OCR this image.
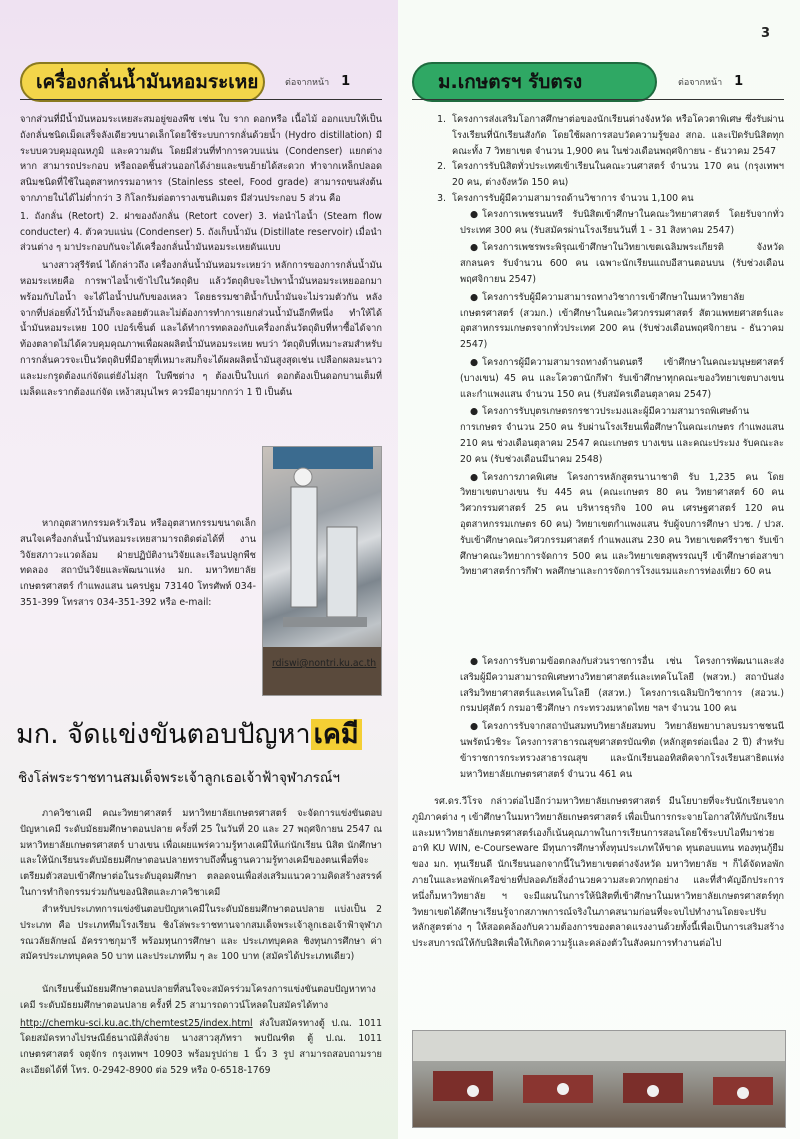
เครื่องกลั่นน้ำมันหอมระเหย	ต่อจากหน้า 1

จากส่วนที่มีน้ำมันหอมระเหยสะสมอยู่ของพืช เช่น ใบ ราก ดอกหรือ เนื้อไม้ ออกแบบให้เป็นถังกลั่นชนิดเม็ดเสร็จลังเดียวขนาดเล็กโดยใช้ระบบการกลั่นด้วยน้ำ (Hydro distillation) มีระบบควบคุมอุณหภูมิ และความดัน โดยมีส่วนที่ทำการควบแน่น (Condenser) แยกต่างหาก สามารถประกอบ หรือถอดชิ้นส่วนออกได้ง่ายและขนย้ายได้สะดวก ทำจากเหล็กปลอดสนิมชนิดที่ใช้ในอุตสาหกรรมอาหาร (Stainless steel, Food grade) สามารถขนส่งต้นจากภายในได้ไม่ต่ำกว่า 3 กิโลกรัมต่อตารางเซนติเมตร มีส่วนประกอบ 5 ส่วน คือ

1. ถังกลั่น (Retort) 2. ฝาของถังกลั่น (Retort cover) 3. ท่อนำไอน้ำ (Steam flow conducter) 4. ตัวควบแน่น (Condenser) 5. ถังเก็บน้ำมัน (Distillate reservoir) เมื่อนำส่วนต่าง ๆ มาประกอบกันจะได้เครื่องกลั่นน้ำมันหอมระเหยดันแบบ

นางสาวสุรีรัตน์ ได้กล่าวถึง เครื่องกลั่นน้ำมันหอมระเหยว่า หลักการของการกลั่นน้ำมันหอมระเหยคือ การพาไอน้ำเข้าไปในวัตถุดิบ แล้ววัตถุดิบจะไปพาน้ำมันหอมระเหยออกมาพร้อมกับไอน้ำ จะได้ไอน้ำปนกับของเหลว โดยธรรมชาติน้ำกับน้ำมันจะไม่รวมตัวกัน หลังจากที่ปล่อยทิ้งไว้น้ำมันก็จะลอยตัวและไม่ต้องการทำการแยกส่วนน้ำมันอีกทีหนึ่ง ทำให้ได้น้ำมันหอมระเหย 100 เปอร์เซ็นต์ และได้ทำการทดลองกับเครื่องกลั่นวัตถุดิบที่หาซื้อได้จากท้องตลาดไม่ได้ควบคุมคุณภาพเพื่อผลผลิตน้ำมันหอมระเหย พบว่า วัตถุดิบที่เหมาะสมสำหรับการกลั่นควรจะเป็นวัตถุดิบที่มีอายุที่เหมาะสมก็จะได้ผลผลิตน้ำมันสูงสุดเช่น เปลือกผลมะนาวและมะกรูดต้องแก่จัดแต่ยังไม่สุก ใบพืชต่าง ๆ ต้องเป็นใบแก่ ดอกต้องเป็นดอกบานเต็มที่ เมล็ดและรากต้องแก่จัด เหง้าสมุนไพร ควรมีอายุมากกว่า 1 ปี เป็นต้น

หากอุตสาหกรรมครัวเรือน หรืออุตสาหกรรมขนาดเล็ก สนใจเครื่องกลั่นน้ำมันหอมระเหยสามารถติดต่อได้ที่ งานวิจัยสภาวะแวดล้อม ฝ่ายปฏิบัติงานวิจัยและเรือนปลูกพืชทดลอง สถาบันวิจัยและพัฒนาแห่ง มก. มหาวิทยาลัยเกษตรศาสตร์ กำแพงแสน นครปฐม 73140 โทรศัพท์ 034-351-399 โทรสาร 034-351-392 หรือ e-mail:

rdiswi@nontri.ku.ac.th
มก. จัดแข่งขันตอบปัญหา เคมี
ชิงโล่พระราชทานสมเด็จพระเจ้าลูกเธอเจ้าฟ้าจุฬาภรณ์ฯ

ภาควิชาเคมี คณะวิทยาศาสตร์ มหาวิทยาลัยเกษตรศาสตร์ จะจัดการแข่งขันตอบปัญหาเคมี ระดับมัธยมศึกษาตอนปลาย ครั้งที่ 25 ในวันที่ 20 และ 27 พฤศจิกายน 2547 ณ มหาวิทยาลัยเกษตรศาสตร์ บางเขน เพื่อเผยแพร่ความรู้ทางเคมีให้แก่นักเรียน นิสิต นักศึกษาและให้นักเรียนระดับมัธยมศึกษาตอนปลายทราบถึงพื้นฐานความรู้ทางเคมีของตนเพื่อที่จะเตรียมตัวสอบเข้าศึกษาต่อในระดับอุดมศึกษา ตลอดจนเพื่อส่งเสริมแนวความคิดสร้างสรรค์ในการทำกิจกรรมร่วมกันของนิสิตและภาควิชาเคมี

สำหรับประเภทการแข่งขันตอบปัญหาเคมีในระดับมัธยมศึกษาตอนปลาย แบ่งเป็น 2 ประเภท คือ ประเภททีมโรงเรียน ชิงโล่พระราชทานจากสมเด็จพระเจ้าลูกเธอเจ้าฟ้าจุฬาภรณวลัยลักษณ์ อัครราชกุมารี พร้อมทุนการศึกษา และ ประเภทบุคคล ชิงทุนการศึกษา ค่าสมัครประเภทบุคคล 50 บาท และประเภททีม ๆ ละ 100 บาท (สมัครได้ประเภทเดียว)

นักเรียนชั้นมัธยมศึกษาตอนปลายที่สนใจจะสมัครร่วมโครงการแข่งขันตอบปัญหาทางเคมี ระดับมัธยมศึกษาตอนปลาย ครั้งที่ 25 สามารถดาวน์โหลดใบสมัครได้ทาง

http://chemku-sci.ku.ac.th/chemtest25/index.html ส่งใบสมัครทางตู้ ป.ณ. 1011 โดยสมัครทางไปรษณีย์ธนาณัติสั่งจ่าย นางสาวสุภัทรา พบปัณฑิต ตู้ ป.ณ. 1011 เกษตรศาสตร์ จตุจักร กรุงเทพฯ 10903 พร้อมรูปถ่าย 1 นิ้ว 3 รูป สามารถสอบถามรายละเอียดได้ที่ โทร. 0-2942-8900 ต่อ 529 หรือ 0-6518-1769

3
ม.เกษตรฯ รับตรง	ต่อจากหน้า 1
1. โครงการส่งเสริมโอกาสศึกษาต่อของนักเรียนต่างจังหวัด หรือโควตาพิเศษ ซึ่งรับผ่านโรงเรียนที่นักเรียนสังกัด โดยใช้ผลการสอบวัดความรู้ของ สกอ. และเปิดรับนิสิตทุกคณะทั้ง 7 วิทยาเขต จำนวน 1,900 คน ในช่วงเดือนพฤศจิกายน - ธันวาคม 2547
2. โครงการรับนิสิตทั่วประเทศเข้าเรียนในคณะวนศาสตร์ จำนวน 170 คน (กรุงเทพฯ 20 คน, ต่างจังหวัด 150 คน)
3. โครงการรับผู้มีความสามารถด้านวิชาการ จำนวน 1,100 คน

● โครงการเพชรนนทรี รับนิสิตเข้าศึกษาในคณะวิทยาศาสตร์ โดยรับจากทั่วประเทศ 300 คน (รับสมัครผ่านโรงเรียนวันที่ 1 - 31 สิงหาคม 2547)

● โครงการเพชรพระพิรุณเข้าศึกษาในวิทยาเขตเฉลิมพระเกียรติ จังหวัดสกลนคร รับจำนวน 600 คน เฉพาะนักเรียนแถบอีสานตอนบน (รับช่วงเดือนพฤศจิกายน 2547)

● โครงการรับผู้มีความสามารถทางวิชาการเข้าศึกษาในมหาวิทยาลัยเกษตรศาสตร์ (สวมก.) เข้าศึกษาในคณะวิศวกรรมศาสตร์ สัตวแพทยศาสตร์และอุตสาหกรรมเกษตรจากทั่วประเทศ 200 คน (รับช่วงเดือนพฤศจิกายน - ธันวาคม 2547)

● โครงการผู้มีความสามารถทางด้านดนตรี เข้าศึกษาในคณะมนุษยศาสตร์ (บางเขน) 45 คน และโควตานักกีฬา รับเข้าศึกษาทุกคณะของวิทยาเขตบางเขนและกำแพงแสน จำนวน 150 คน (รับสมัครเดือนตุลาคม 2547)

● โครงการรับบุตรเกษตรกรชาวประมงและผู้มีความสามารถพิเศษด้านการเกษตร จำนวน 250 คน รับผ่านโรงเรียนเพื่อศึกษาในคณะเกษตร กำแพงแสน 210 คน ช่วงเดือนตุลาคม 2547 คณะเกษตร บางเขน และคณะประมง รับคณะละ 20 คน (รับช่วงเดือนมีนาคม 2548)

● โครงการภาคพิเศษ โครงการหลักสูตรนานาชาติ รับ 1,235 คน โดยวิทยาเขตบางเขน รับ 445 คน (คณะเกษตร 80 คน วิทยาศาสตร์ 60 คน วิศวกรรมศาสตร์ 25 คน บริหารธุรกิจ 100 คน เศรษฐศาสตร์ 120 คน อุตสาหกรรมเกษตร 60 คน) วิทยาเขตกำแพงแสน รับผู้จบการศึกษา ปวช. / ปวส. รับเข้าศึกษาคณะวิศวกรรมศาสตร์ กำแพงแสน 230 คน วิทยาเขตศรีราชา รับเข้าศึกษาคณะวิทยาการจัดการ 500 คน และวิทยาเขตสุพรรณบุรี เข้าศึกษาต่อสาขาวิทยาศาสตร์การกีฬา พลศึกษาและการจัดการโรงแรมและการท่องเที่ยว 60 คน

● โครงการรับตามข้อตกลงกับส่วนราชการอื่น เช่น โครงการพัฒนาและส่งเสริมผู้มีความสามารถพิเศษทางวิทยาศาสตร์และเทคโนโลยี (พสวท.) สถาบันส่งเสริมวิทยาศาสตร์และเทคโนโลยี (สสวท.) โครงการเฉลิมปิกวิชาการ (สอวน.) กรมปศุสัตว์ กรมอาชีวศึกษา กระทรวงมหาดไทย ฯลฯ จำนวน 100 คน

● โครงการรับจากสถาบันสมทบวิทยาลัยสมทบ วิทยาลัยพยาบาลบรมราชชนนีนพรัตน์วชิระ โครงการสาธารณสุขศาสตรบัณฑิต (หลักสูตรต่อเนื่อง 2 ปี) สำหรับข้าราชการกระทรวงสาธารณสุข และนักเรียนออทิสติคจากโรงเรียนสาธิตแห่งมหาวิทยาลัยเกษตรศาสตร์ จำนวน 461 คน

รศ.ดร.วีโรจ กล่าวต่อไปอีกว่ามหาวิทยาลัยเกษตรศาสตร์ มีนโยบายที่จะรับนักเรียนจากภูมิภาคต่าง ๆ เข้าศึกษาในมหาวิทยาลัยเกษตรศาสตร์ เพื่อเป็นการกระจายโอกาสให้กับนักเรียน และมหาวิทยาลัยเกษตรศาสตร์เองก็เน้นคุณภาพในการเรียนการสอนโดยใช้ระบบไอทีมาช่วย อาทิ KU WIN, e-Courseware มีทุนการศึกษาทั้งทุนประเภทให้ขาด ทุนตอบแทน ทองทุนกู้ยืมของ มก. ทุนเรียนดี นักเรียนนอกจากนี้ในวิทยาเขตต่างจังหวัด มหาวิทยาลัย ฯ ก็ได้จัดหอพักภายในและหอพักเครือข่ายที่ปลอดภัยสิ่งอำนวยความสะดวกทุกอย่าง และที่สำคัญอีกประการหนึ่งก็มหาวิทยาลัย ฯ จะมีแผนในการให้นิสิตที่เข้าศึกษาในมหาวิทยาลัยเกษตรศาสตร์ทุกวิทยาเขตได้ศึกษาเรียนรู้จากสภาพการณ์จริงในภาคสนามก่อนที่จะจบไปทำงานโดยจะปรับหลักสูตรต่าง ๆ ให้สอดคล้องกับความต้องการของตลาดแรงงานด้วยทั้งนี้เพื่อเป็นการเสริมสร้างประสบการณ์ให้กับนิสิตเพื่อให้เกิดความรู้และคล่องตัวในสังคมการทำงานต่อไป
